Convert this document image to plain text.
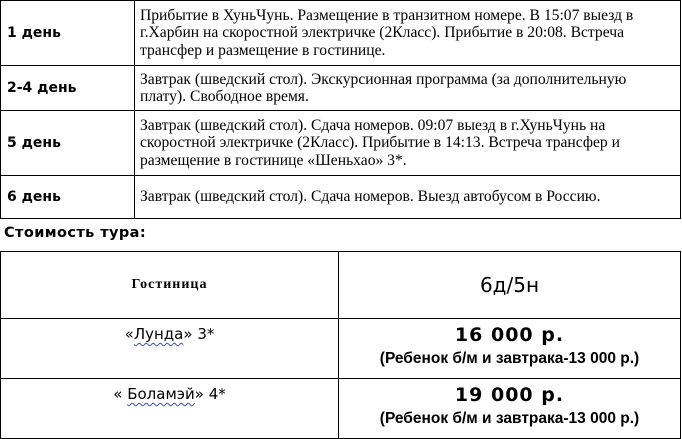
1 день	Прибытие в ХуньЧунь. Размещение в транзитном номере. В 15:07 выезд в г.Харбин на скоростной электричке (2Класс). Прибытие в 20:08. Встреча трансфер и размещение в гостинице.
2-4 день	Завтрак (шведский стол). Экскурсионная программа (за дополнительную плату). Свободное время.
5 день	Завтрак (шведский стол). Сдача номеров. 09:07 выезд в г.ХуньЧунь на скоростной электричке (2Класс). Прибытие в 14:13. Встреча трансфер и размещение в гостинице «Шеньхао» 3*.
6 день	Завтрак (шведский стол). Сдача номеров. Выезд автобусом в Россию.
Стоимость тура:
Гостиница	6д/5н
«Лунда» 3*	16 000 р.
(Ребенок б/м и завтрака-13 000 р.)

« Боламэй» 4*	19 000 р.
(Ребенок б/м и завтрака-13 000 р.)
